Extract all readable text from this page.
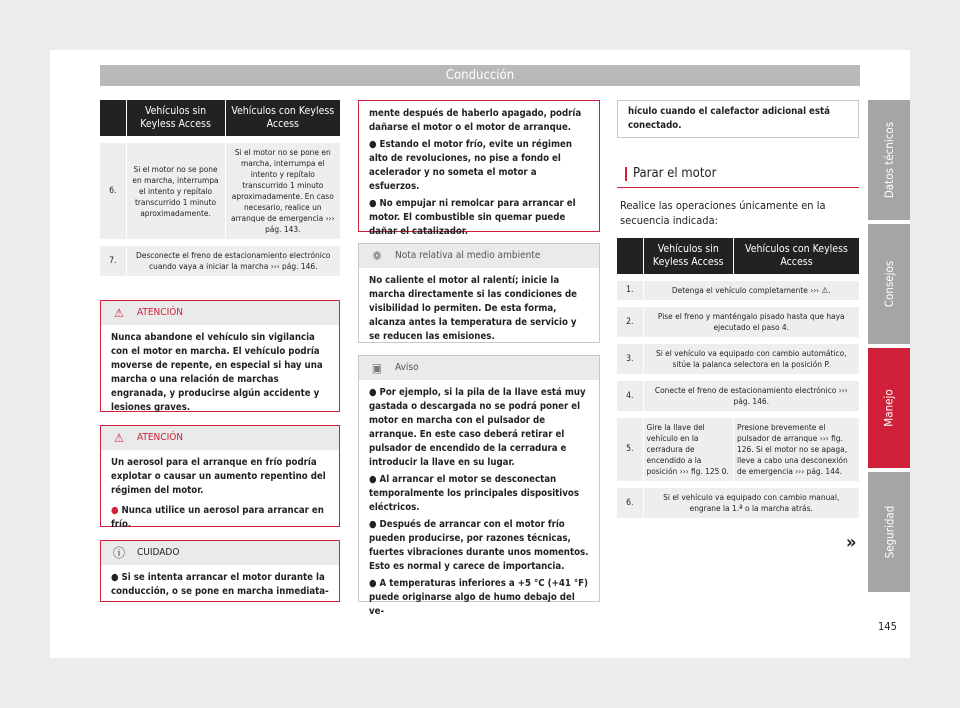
Conducción
	Vehículos sin Keyless Access	Vehículos con Keyless Access
6.	Si el motor no se pone en marcha, interrumpa el intento y repítalo transcurrido 1 minuto aproximadamente.	Si el motor no se pone en marcha, interrumpa el intento y repítalo transcurrido 1 minuto aproximadamente. En caso necesario, realice un arranque de emergencia ››› pág. 143.
7.	Desconecte el freno de estacionamiento electrónico cuando vaya a iniciar la marcha ››› pág. 146.	
⚠	ATENCIÓN

Nunca abandone el vehículo sin vigilancia con el motor en marcha. El vehículo podría moverse de repente, en especial si hay una marcha o una relación de marchas engranada, y producirse algún accidente y lesiones graves.

⚠	ATENCIÓN

Un aerosol para el arranque en frío podría explotar o causar un aumento repentino del régimen del motor.

● Nunca utilice un aerosol para arrancar en frío.

ⓘ CUIDADO

● Si se intenta arrancar el motor durante la conducción, o se pone en marcha inmediata-

mente después de haberlo apagado, podría dañarse el motor o el motor de arranque.

● Estando el motor frío, evite un régimen alto de revoluciones, no pise a fondo el acelerador y no someta el motor a esfuerzos.

● No empujar ni remolcar para arrancar el motor. El combustible sin quemar puede dañar el catalizador.

❁	Nota relativa al medio ambiente

No caliente el motor al ralentí; inicie la marcha directamente si las condiciones de visibilidad lo permiten. De esta forma, alcanza antes la temperatura de servicio y se reducen las emisiones.

▣ Aviso

● Por ejemplo, si la pila de la llave está muy gastada o descargada no se podrá poner el motor en marcha con el pulsador de arranque. En este caso deberá retirar el pulsador de encendido de la cerradura e introducir la llave en su lugar.

● Al arrancar el motor se desconectan temporalmente los principales dispositivos eléctricos.

● Después de arrancar con el motor frío pueden producirse, por razones técnicas, fuertes vibraciones durante unos momentos. Esto es normal y carece de importancia.

● A temperaturas inferiores a +5 °C (+41 °F) puede originarse algo de humo debajo del ve-

hículo cuando el calefactor adicional está conectado.

Parar el motor

Realice las operaciones únicamente en la secuencia indicada:

	Vehículos sin Keyless Access	Vehículos con Keyless Access
1.	Detenga el vehículo completamente ››› ⚠.	
2.	Pise el freno y manténgalo pisado hasta que haya ejecutado el paso 4.	
3.	Si el vehículo va equipado con cambio automático, sitúe la palanca selectora en la posición P.	
4.	Conecte el freno de estacionamiento electrónico ››› pág. 146.	
5.	Gire la llave del vehículo en la cerradura de encendido a la posición ››› fig. 125 0.	Presione brevemente el pulsador de arranque ››› fig. 126. Si el motor no se apaga, lleve a cabo una desconexión de emergencia ››› pág. 144.
6.	Si el vehículo va equipado con cambio manual, engrane la 1.ª o la marcha atrás.	
»
Datos técnicos
Consejos
Manejo
Seguridad
145
